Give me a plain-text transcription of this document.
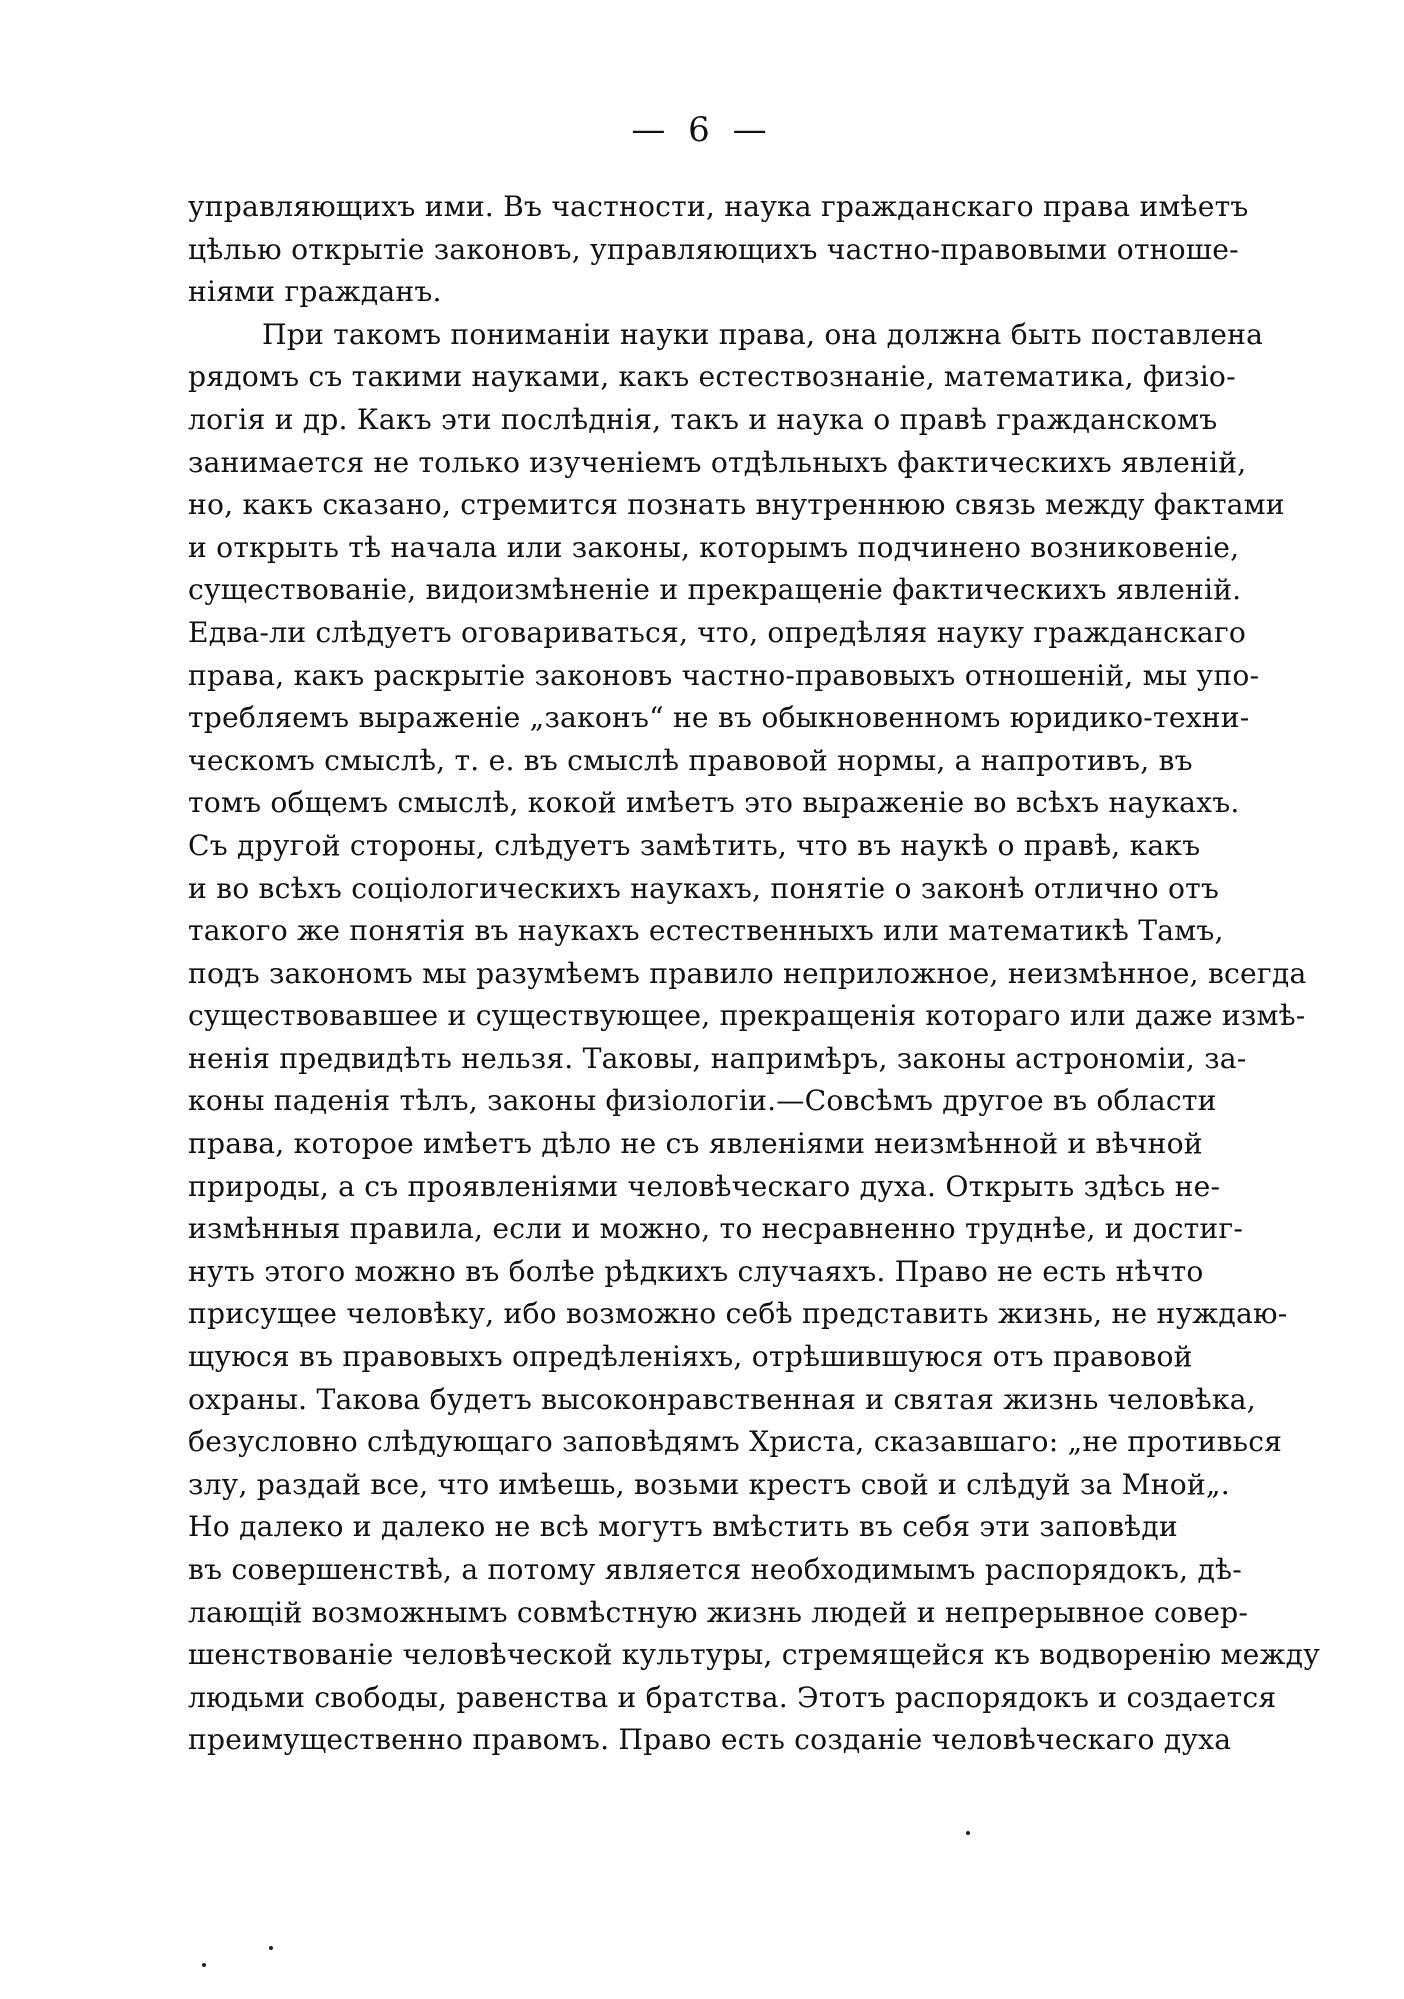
— 6 —
управляющихъ ими. Въ частности, наука гражданскаго права имѣетъ
цѣлью открытіе законовъ, управляющихъ частно-правовыми отноше-
ніями гражданъ.
При такомъ пониманіи науки права, она должна быть поставлена
рядомъ съ такими науками, какъ естествознаніе, математика, физіо-
логія и др. Какъ эти послѣднія, такъ и наука о правѣ гражданскомъ
занимается не только изученіемъ отдѣльныхъ фактическихъ явленій,
но, какъ сказано, стремится познать внутреннюю связь между фактами
и открыть тѣ начала или законы, которымъ подчинено возниковеніе,
существованіе, видоизмѣненіе и прекращеніе фактическихъ явленій.
Едва-ли слѣдуетъ оговариваться, что, опредѣляя науку гражданскаго
права, какъ раскрытіе законовъ частно-правовыхъ отношеній, мы упо-
требляемъ выраженіе „законъ“ не въ обыкновенномъ юридико-техни-
ческомъ смыслѣ, т. е. въ смыслѣ правовой нормы, а напротивъ, въ
томъ общемъ смыслѣ, кокой имѣетъ это выраженіе во всѣхъ наукахъ.
Съ другой стороны, слѣдуетъ замѣтить, что въ наукѣ о правѣ, какъ
и во всѣхъ соціологическихъ наукахъ, понятіе о законѣ отлично отъ
такого же понятія въ наукахъ естественныхъ или математикѣ Тамъ,
подъ закономъ мы разумѣемъ правило неприложное, неизмѣнное, всегда
существовавшее и существующее, прекращенія котораго или даже измѣ-
ненія предвидѣть нельзя. Таковы, напримѣръ, законы астрономіи, за-
коны паденія тѣлъ, законы физіологіи.—Совсѣмъ другое въ области
права, которое имѣетъ дѣло не съ явленіями неизмѣнной и вѣчной
природы, а съ проявленіями человѣческаго духа. Открыть здѣсь не-
измѣнныя правила, если и можно, то несравненно труднѣе, и достиг-
нуть этого можно въ болѣе рѣдкихъ случаяхъ. Право не есть нѣчто
присущее человѣку, ибо возможно себѣ представить жизнь, не нуждаю-
щуюся въ правовыхъ опредѣленіяхъ, отрѣшившуюся отъ правовой
охраны. Такова будетъ высоконравственная и святая жизнь человѣка,
безусловно слѣдующаго заповѣдямъ Христа, сказавшаго: „не противься
злу, раздай все, что имѣешь, возьми крестъ свой и слѣдуй за Мной„.
Но далеко и далеко не всѣ могутъ вмѣстить въ себя эти заповѣди
въ совершенствѣ, а потому является необходимымъ распорядокъ, дѣ-
лающій возможнымъ совмѣстную жизнь людей и непрерывное совер-
шенствованіе человѣческой культуры, стремящейся къ водворенію между
людьми свободы, равенства и братства. Этотъ распорядокъ и создается
преимущественно правомъ. Право есть созданіе человѣческаго духа
